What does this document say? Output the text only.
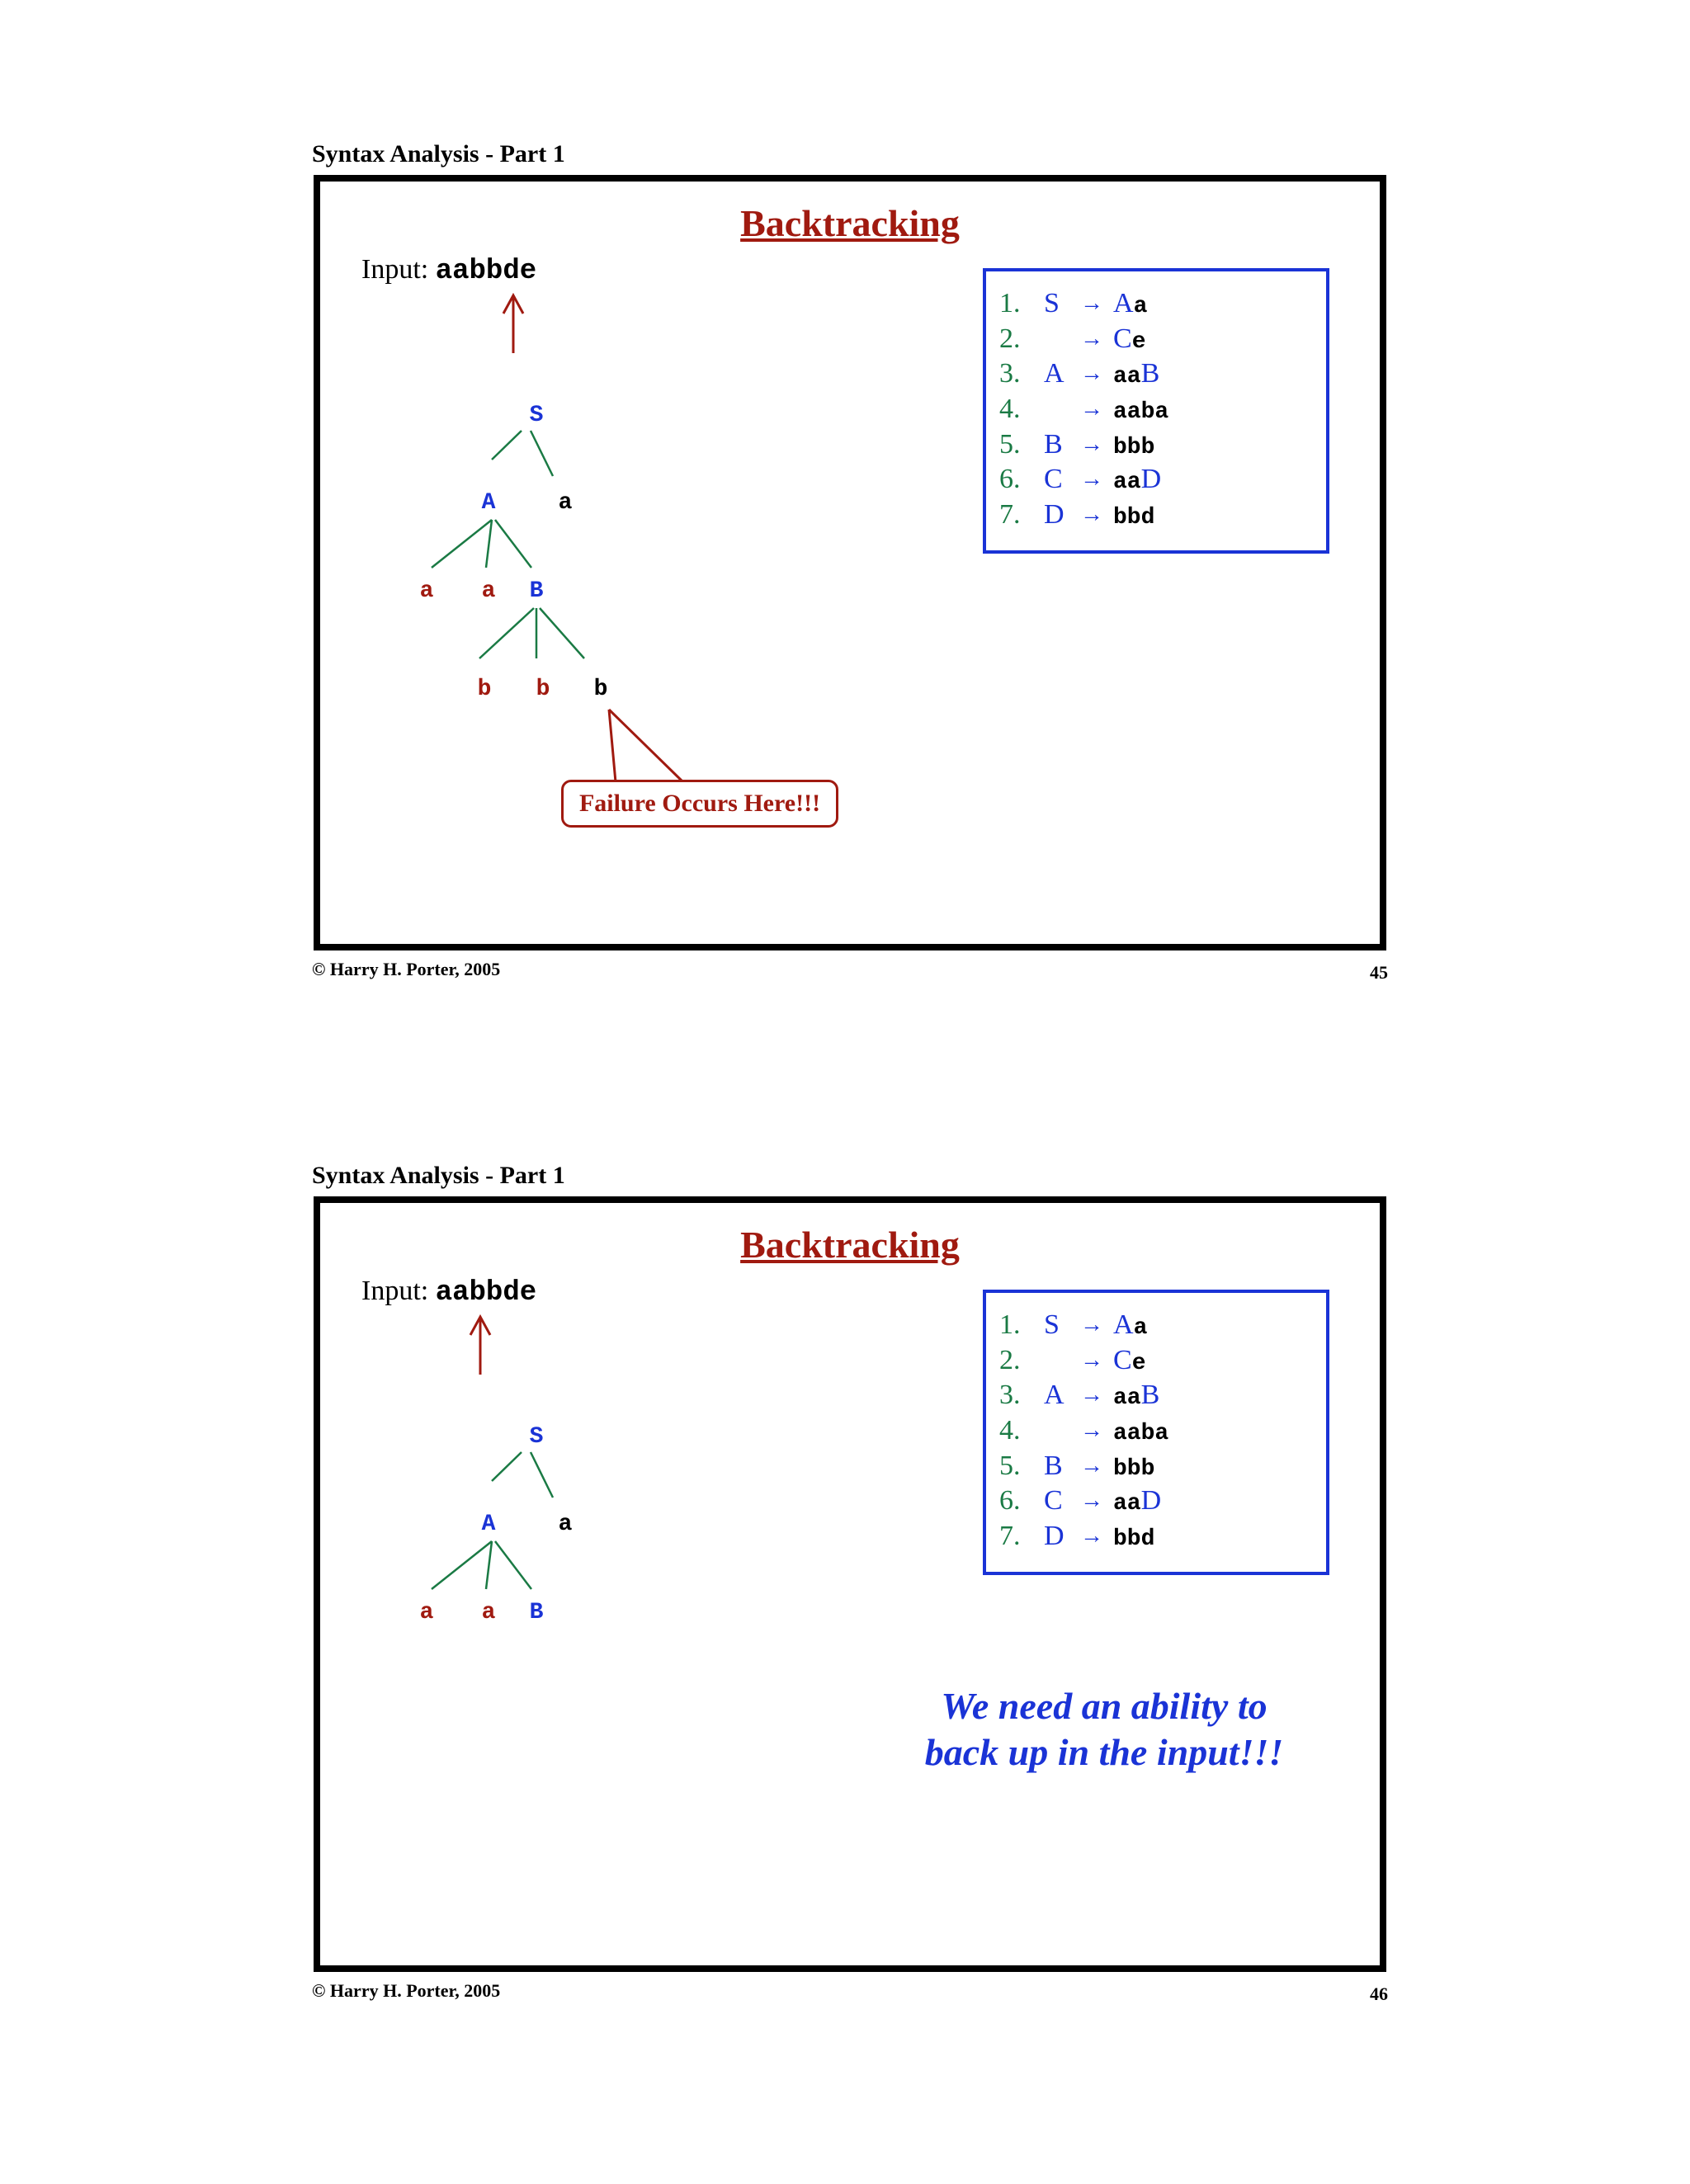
Syntax Analysis - Part 1
Backtracking
Input: aabbde
S
A	a
a a B
b b b
Failure Occurs Here!!!
1. S → Aa
2.	→ Ce
3. A → aaB
4.	→ aaba
5. B → bbb
6. C → aaD
7. D → bbd
© Harry H. Porter, 2005	45
Syntax Analysis - Part 1
Backtracking
Input: aabbde
S
A	a
a a B
1. S → Aa
2.	→ Ce
3. A → aaB
4.	→ aaba
5. B → bbb
6. C → aaD
7. D → bbd
We need an ability to
back up in the input!!!
© Harry H. Porter, 2005	46
